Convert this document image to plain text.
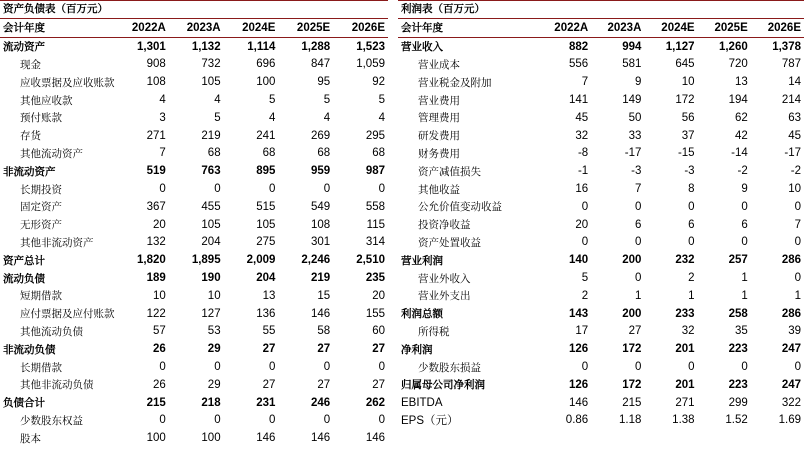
资产负债表（百万元）
会计年度	2022A	2023A	2024E	2025E	2026E
流动资产	1,301	1,132	1,114	1,288	1,523
现金	908	732	696	847	1,059
应收票据及应收账款	108	105	100	95	92
其他应收款	4	4	5	5	5
预付账款	3	5	4	4	4
存货	271	219	241	269	295
其他流动资产	7	68	68	68	68
非流动资产	519	763	895	959	987
长期投资	0	0	0	0	0
固定资产	367	455	515	549	558
无形资产	20	105	105	108	115
其他非流动资产	132	204	275	301	314
资产总计	1,820	1,895	2,009	2,246	2,510
流动负债	189	190	204	219	235
短期借款	10	10	13	15	20
应付票据及应付账款	122	127	136	146	155
其他流动负债	57	53	55	58	60
非流动负债	26	29	27	27	27
长期借款	0	0	0	0	0
其他非流动负债	26	29	27	27	27
负债合计	215	218	231	246	262
少数股东权益	0	0	0	0	0
股本	100	100	146	146	146
利润表（百万元）
会计年度	2022A	2023A	2024E	2025E	2026E
营业收入	882	994	1,127	1,260	1,378
营业成本	556	581	645	720	787
营业税金及附加	7	9	10	13	14
营业费用	141	149	172	194	214
管理费用	45	50	56	62	63
研发费用	32	33	37	42	45
财务费用	-8	-17	-15	-14	-17
资产减值损失	-1	-3	-3	-2	-2
其他收益	16	7	8	9	10
公允价值变动收益	0	0	0	0	0
投资净收益	20	6	6	6	7
资产处置收益	0	0	0	0	0
营业利润	140	200	232	257	286
营业外收入	5	0	2	1	0
营业外支出	2	1	1	1	1
利润总额	143	200	233	258	286
所得税	17	27	32	35	39
净利润	126	172	201	223	247
少数股东损益	0	0	0	0	0
归属母公司净利润	126	172	201	223	247
EBITDA	146	215	271	299	322
EPS（元）	0.86	1.18	1.38	1.52	1.69
